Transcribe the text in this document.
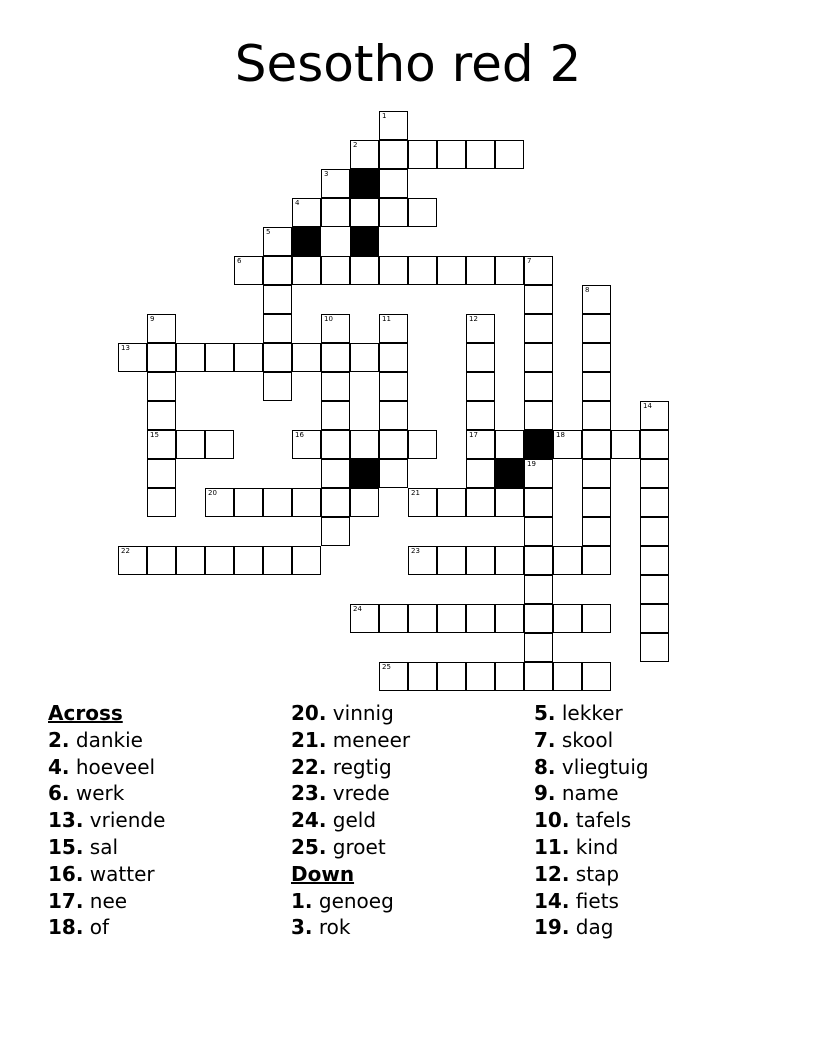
Sesotho red 2
1
2
3
4
5
6	7
19
8
9
15
10	11	12
17
13
14
16	18
20	21
22	23
24
25
Across
2. dankie
4. hoeveel
6. werk
13. vriende
15. sal
16. watter
17. nee
18. of
20. vinnig
21. meneer
22. regtig
23. vrede
24. geld
25. groet
Down
1. genoeg
3. rok
5. lekker
7. skool
8. vliegtuig
9. name
10. tafels
11. kind
12. stap
14. fiets
19. dag
